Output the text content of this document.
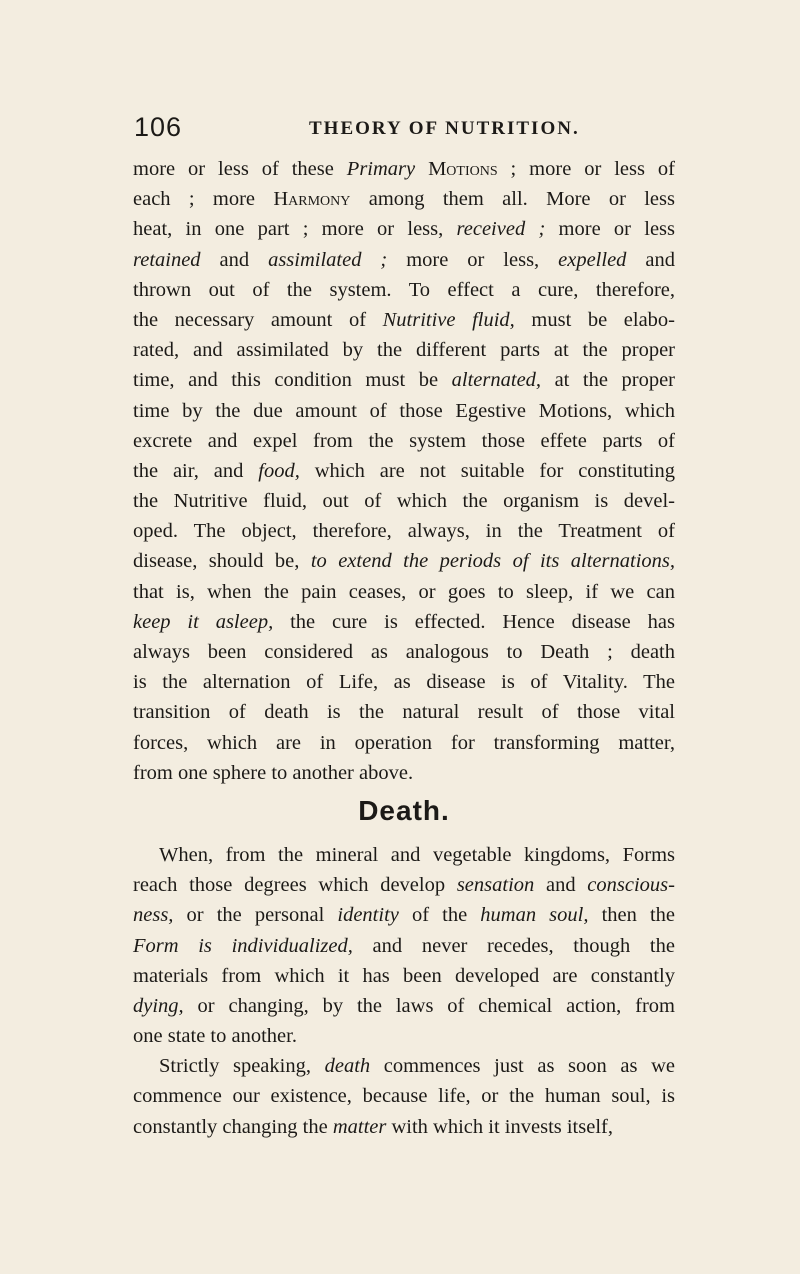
106	THEORY OF NUTRITION.
more or less of these Primary Motions ; more or less of
each ; more Harmony among them all. More or less
heat, in one part ; more or less, received ; more or less
retained and assimilated ; more or less, expelled and
thrown out of the system. To effect a cure, therefore,
the necessary amount of Nutritive fluid, must be elabo-
rated, and assimilated by the different parts at the proper
time, and this condition must be alternated, at the proper
time by the due amount of those Egestive Motions, which
excrete and expel from the system those effete parts of
the air, and food, which are not suitable for constituting
the Nutritive fluid, out of which the organism is devel-
oped. The object, therefore, always, in the Treatment of
disease, should be, to extend the periods of its alternations,
that is, when the pain ceases, or goes to sleep, if we can
keep it asleep, the cure is effected. Hence disease has
always been considered as analogous to Death ; death
is the alternation of Life, as disease is of Vitality. The
transition of death is the natural result of those vital
forces, which are in operation for transforming matter,
from one sphere to another above.
Death.
When, from the mineral and vegetable kingdoms, Forms
reach those degrees which develop sensation and conscious-
ness, or the personal identity of the human soul, then the
Form is individualized, and never recedes, though the
materials from which it has been developed are constantly
dying, or changing, by the laws of chemical action, from
one state to another.
Strictly speaking, death commences just as soon as we
commence our existence, because life, or the human soul, is
constantly changing the matter with which it invests itself,
